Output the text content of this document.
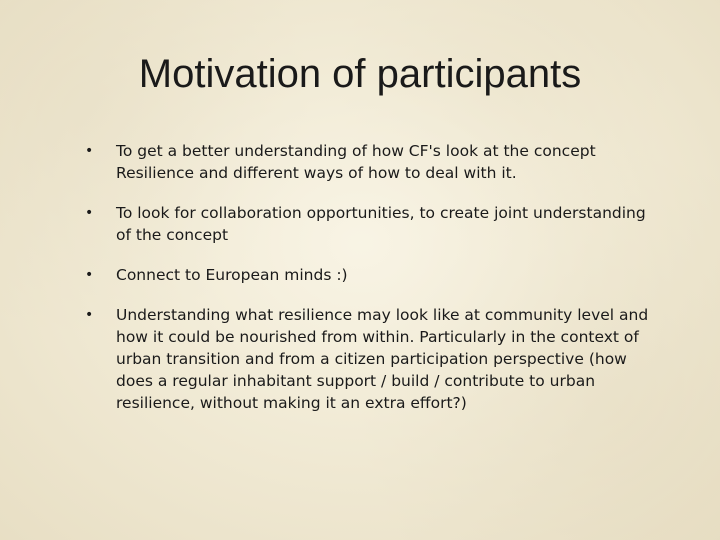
Motivation of participants
• To get a better understanding of how CF's look at the concept Resilience and different ways of how to deal with it.
• To look for collaboration opportunities, to create joint understanding of the concept
• Connect to European minds :)
• Understanding what resilience may look like at community level and how it could be nourished from within. Particularly in the context of urban transition and from a citizen participation perspective (how does a regular inhabitant support / build / contribute to urban resilience, without making it an extra effort?)
